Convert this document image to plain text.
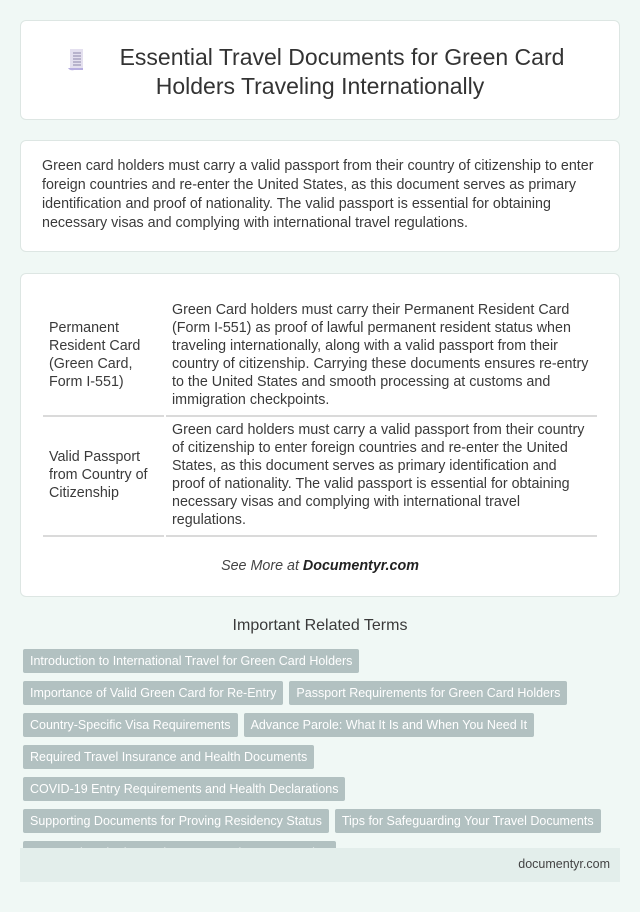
Essential Travel Documents for Green Card
Holders Traveling Internationally

Green card holders must carry a valid passport from their country of citizenship to enter foreign countries and re-enter the United States, as this document serves as primary identification and proof of nationality. The valid passport is essential for obtaining necessary visas and complying with international travel regulations.

Permanent Resident Card (Green Card, Form I-551)	Green Card holders must carry their Permanent Resident Card (Form I-551) as proof of lawful permanent resident status when traveling internationally, along with a valid passport from their country of citizenship. Carrying these documents ensures re-entry to the United States and smooth processing at customs and immigration checkpoints.
Valid Passport from Country of Citizenship	Green card holders must carry a valid passport from their country of citizenship to enter foreign countries and re-enter the United States, as this document serves as primary identification and proof of nationality. The valid passport is essential for obtaining necessary visas and complying with international travel regulations.
See More at Documentyr.com
Important Related Terms
Introduction to International Travel for Green Card Holders
Importance of Valid Green Card for Re-Entry	Passport Requirements for Green Card Holders
Country-Specific Visa Requirements	Advance Parole: What It Is and When You Need It
Required Travel Insurance and Health Documents
COVID-19 Entry Requirements and Health Declarations
Supporting Documents for Proving Residency Status	Tips for Safeguarding Your Travel Documents
documentyr.com
